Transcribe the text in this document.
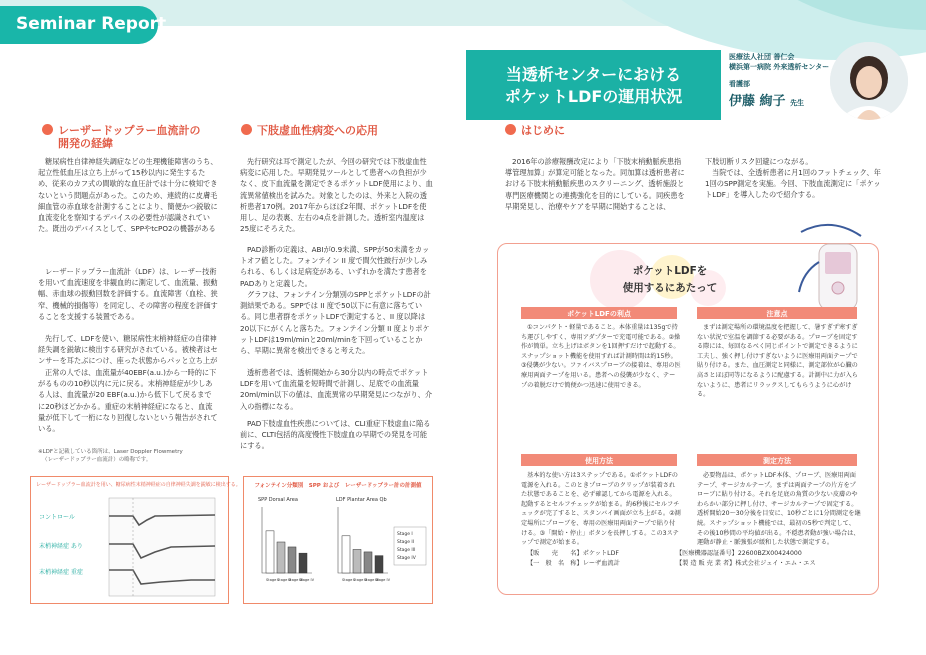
Seminar Report
当透析センターにおける
ポケットLDFの運用状況
医療法人社団 善仁会
横浜第一病院 外来透析センター
看護部
伊藤 絢子 先生
レーザードップラー血流計の
開発の経緯
糖尿病性自律神経失調症などの生理機能障害のうち、起立性低血圧は立ち上がって15秒以内に発生するため、従来のカフ式の間歇的な血圧計では十分に検知できないという問題点があった。このため、連続的に皮膚毛細血管の赤血球を計測することにより、簡便かつ鋭敏に血流変化を察知するデバイスの必要性が認識されていた。既出のデバイスとして、SPPやtcPO2の機器がある
レーザードップラー血流計（LDF）は、レーザー技術を用いて血流速度を非観血的に測定して、血流量、振動幅、赤血球の振動回数を評価する。血流障害（血栓、狭窄、機械的損傷等）を同定し、その障害の程度を評価することを支援する装置である。
先行して、LDFを使い、糖尿病性末梢神経症の自律神経失調を鋭敏に検出する研究がされている。被検者はセンサーを耳たぶにつけ、座った状態からパッと立ち上が
正常の人では、血流量が40EBF(a.u.)から一時的に下がるものの10秒以内に元に戻る。末梢神経症が少しある人は、血流量が20 EBF(a.u.)から低下して戻るまでに20秒ほどかかる。重症の末梢神経症になると、血流量が低下して一桁になり回復しないという報告がされている。
※LDFと記載している箇所は、Laser Doppler Flowmetry
（レーザードップラー血流計）の略称です。
レーザードップラー血流計を用い、糖尿病性末梢神経症の自律神経失調を鋭敏に検出する。
コントロール
末梢神経症 あり
末梢神経症 重症
下肢虚血性病変への応用
先行研究は耳で測定したが、今回の研究では下肢虚血性病変に応用した。早期発見ツールとして患者への負担が少なく、皮下血流量を測定できるポケットLDF使用により、血流異常値検出を試みた。対象としたのは、外来と入院の透析患者170例。2017年からほぼ2年間、ポケットLDFを使用し、足の表裏、左右の4点を計測した。透析室内温度は25度にそろえた。
PAD診断の定義は、ABIが0.9未満、SPPが50未満をカットオフ値とした。フォンテイン II 度で間欠性跛行が少しみられる、もしくは足病変がある、いずれかを満たす患者をPADありと定義した。
グラフは、フォンテイン分類別のSPPとポケットLDFの計測結果である。SPPでは II 度で50以下に有意に落ちている。同じ患者群をポケットLDFで測定すると、II 度以降は20以下にがくんと落ちた。フォンテイン分類 II 度よりポケットLDFは19ml/minと20ml/minを下回っていることから、早期に異常を検出できると考えた。
透析患者では、透析開始から30分以内の時点でポケットLDFを用いて血流量を短時間で計測し、足底での血流量20ml/min以下の値は、血流異常の早期発見につながり、介入の指標になる。
PAD下肢虚血性疾患については、CLI重症下肢虚血に陥る前に、CLTI包括的高度慢性下肢虚血の早期での発見を可能にする。
フォンテイン分類別　 SPP および　 レーザードップラー計の計測値
SPP Dorsal Area	LDF Plantar Area Qb
Stage I
Stage II
Stage III
Stage IV
Stage I
Stage II
Stage III
Stage IV	Stage I
Stage II
Stage III
Stage IV
はじめに
2016年の診療報酬改定により「下肢末梢動脈疾患指導管理加算」が算定可能となった。同加算は透析患者における下肢末梢動脈疾患のスクリーニング、透析施設と専門医療機関との連携強化を目的にしている。同疾患を早期発見し、治療やケアを早期に開始することは、
下肢切断リスク回避につながる。
当院では、全透析患者に月1回のフットチェック、年1回のSPP測定を実施。今回、下肢血流測定に「ポケットLDF」を導入したので紹介する。
ポケットLDFを
使用するにあたって
ポケットLDFの利点
①コンパクト・軽量であること。本体重量は135gで持ち運びしやすく、専用アダプターで充電可能である。②操作が簡単。立ち上げはボタンを1回押すだけで起動する。スナップショット機能を使用すれば計測時間は約15秒。③侵襲が少ない。ファイバスプローブの接着は、専用の医療用両面テープを用いる。患者への侵襲が少なく、テープの着脱だけで簡便かつ迅速に使用できる。
注意点
まずは測定場所の環境温度を把握して、暑すぎず寒すぎない状況で室温を調節する必要がある。プローブを固定する際には、毎回なるべく同じポイントで測定できるように工夫し、強く押し付けすぎないように医療用両面テープで貼り付ける。また、血圧測定と同様に、測定部位が心臓の高さとほぼ同等になるように配慮する。計測中に力が入らないように、患者にリラックスしてもらうように心がける。
使用方法
基本的な使い方は3ステップである。①ポケットLDFの電源を入れる。このときプローブのクリップが装着された状態であることを、必ず確認してから電源を入れる。起動するとセルフチェックが始まる。約6秒後にセルフチェックが完了すると、スタンバイ画面が立ち上がる。②測定場所にプローブを、専用の医療用両面テープで貼り付ける。③「開始・停止」ボタンを長押しする。この3ステップで測定が始まる。
測定方法
必要物品は、ポケットLDF本体、プローブ、医療用両面テープ、サージカルテープ。まずは両面テープの片方をプローブに貼り付ける。それを足底の角質の少ない皮膚のやわらかい部分に押し付け、サージカルテープで固定する。透析開始20〜30分後を目安に、10秒ごとに1分間測定を継続。スナップショット機能では、最初の5秒で判定して、その後10秒間の平均値が出る。不穏患者動が強い場合は、運動が静止・脈強張が緩和した状態で測定する。
【販　　売　　名】ポケットLDF
【一　般　名　称】レーザ血流計
【医療機器認証番号】22600BZX00424000
【製 造 販 売 業 者】株式会社ジェイ・エム・エス
